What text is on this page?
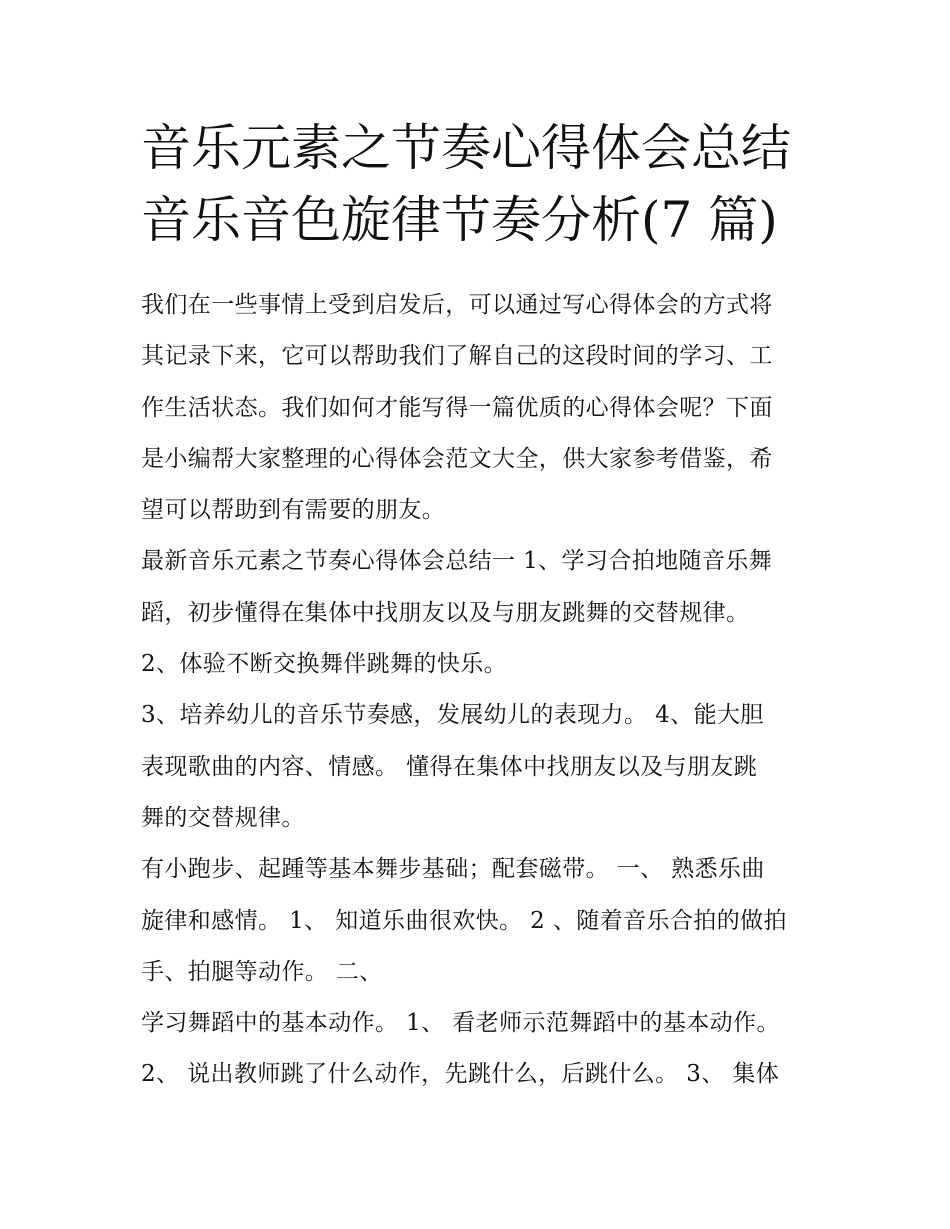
音乐元素之节奏心得体会总结
音乐音色旋律节奏分析(7 篇)
我们在一些事情上受到启发后，可以通过写心得体会的方式将
其记录下来，它可以帮助我们了解自己的这段时间的学习、工
作生活状态。我们如何才能写得一篇优质的心得体会呢？下面
是小编帮大家整理的心得体会范文大全，供大家参考借鉴，希
望可以帮助到有需要的朋友。
最新音乐元素之节奏心得体会总结一 1、学习合拍地随音乐舞
蹈，初步懂得在集体中找朋友以及与朋友跳舞的交替规律。
2、体验不断交换舞伴跳舞的快乐。
3、培养幼儿的音乐节奏感，发展幼儿的表现力。 4、能大胆
表现歌曲的内容、情感。 懂得在集体中找朋友以及与朋友跳
舞的交替规律。
有小跑步、起踵等基本舞步基础；配套磁带。 一、 熟悉乐曲
旋律和感情。 1、 知道乐曲很欢快。 2 、随着音乐合拍的做拍
手、拍腿等动作。 二、
学习舞蹈中的基本动作。 1、 看老师示范舞蹈中的基本动作。
2、 说出教师跳了什么动作，先跳什么，后跳什么。 3、 集体
